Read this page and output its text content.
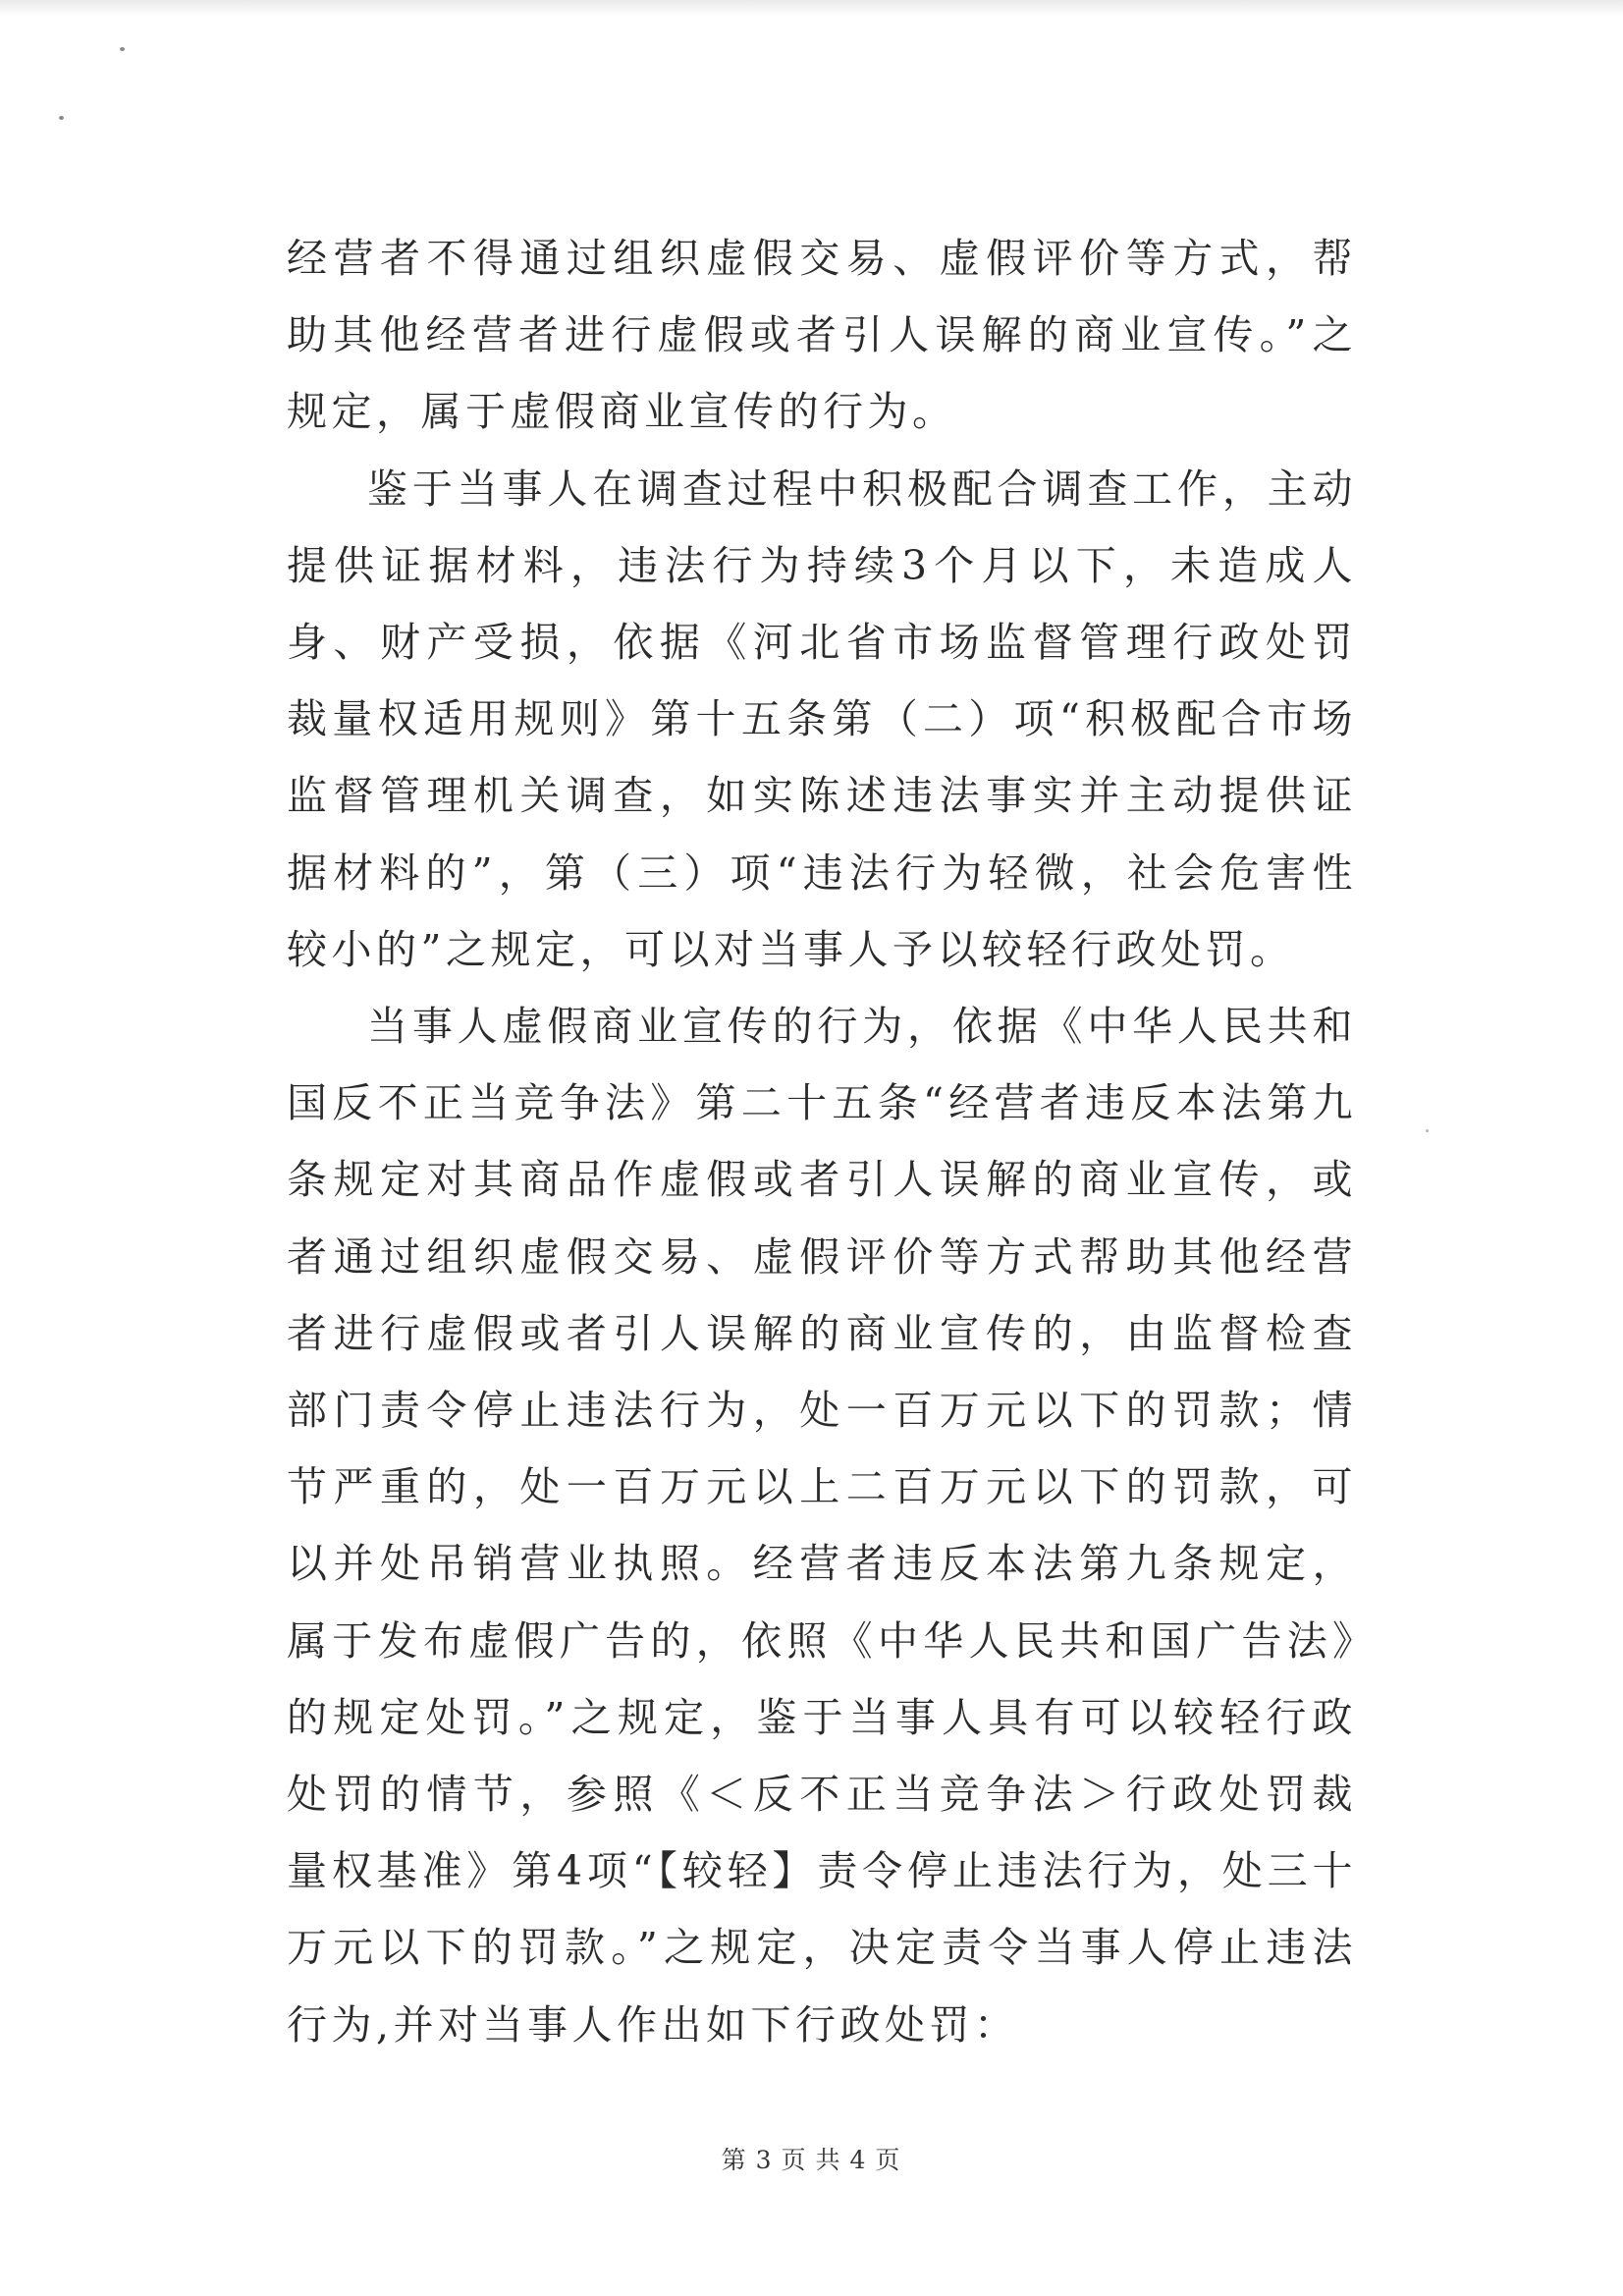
经营者不得通过组织虚假交易、虚假评价等方式，帮助其他经营者进行虚假或者引人误解的商业宣传。”之规定，属于虚假商业宣传的行为。

鉴于当事人在调查过程中积极配合调查工作，主动提供证据材料，违法行为持续3个月以下，未造成人身、财产受损，依据《河北省市场监督管理行政处罚裁量权适用规则》第十五条第（二）项“积极配合市场监督管理机关调查，如实陈述违法事实并主动提供证据材料的”，第（三）项“违法行为轻微，社会危害性较小的”之规定，可以对当事人予以较轻行政处罚。

当事人虚假商业宣传的行为，依据《中华人民共和国反不正当竞争法》第二十五条“经营者违反本法第九条规定对其商品作虚假或者引人误解的商业宣传，或者通过组织虚假交易、虚假评价等方式帮助其他经营者进行虚假或者引人误解的商业宣传的，由监督检查部门责令停止违法行为，处一百万元以下的罚款；情节严重的，处一百万元以上二百万元以下的罚款，可以并处吊销营业执照。经营者违反本法第九条规定，属于发布虚假广告的，依照《中华人民共和国广告法》的规定处罚。”之规定，鉴于当事人具有可以较轻行政处罚的情节，参照《＜反不正当竞争法＞行政处罚裁量权基准》第4项“【较轻】责令停止违法行为，处三十万元以下的罚款。”之规定，决定责令当事人停止违法行为,并对当事人作出如下行政处罚：

第 3 页 共 4 页
